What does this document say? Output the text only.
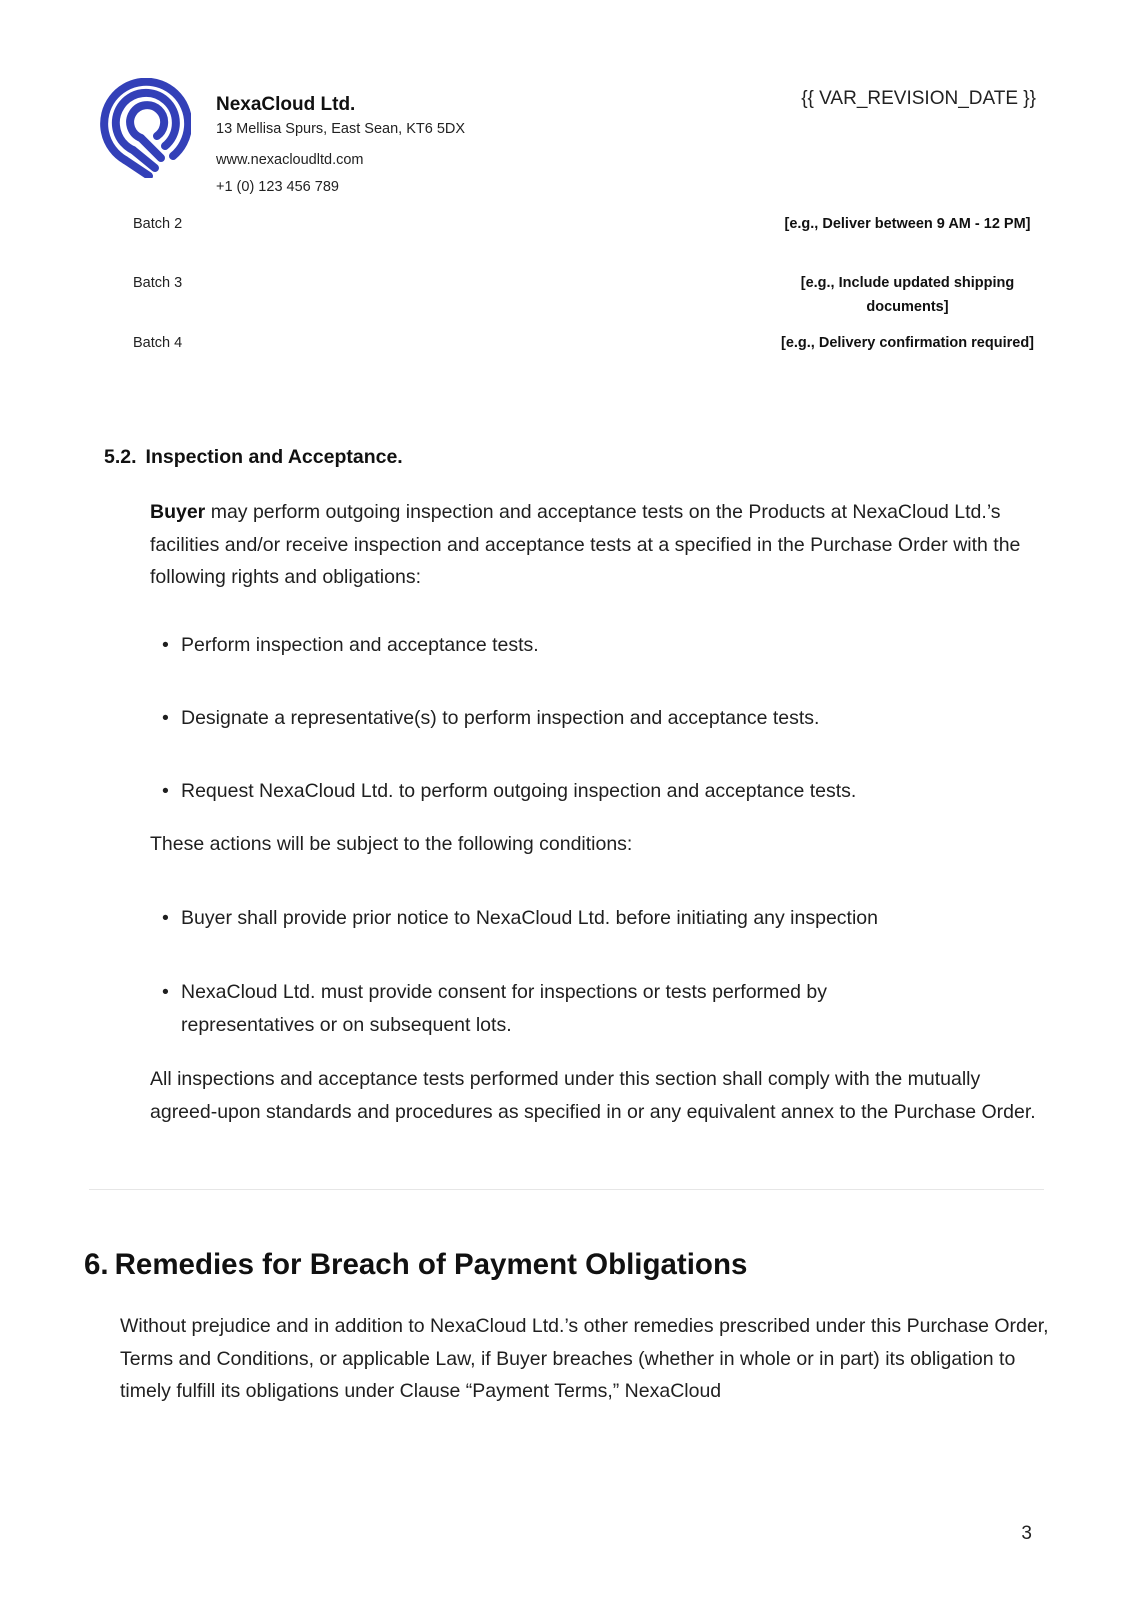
NexaCloud Ltd.
13 Mellisa Spurs, East Sean, KT6 5DX
www.nexacloudltd.com
+1 (0) 123 456 789
{{ VAR_REVISION_DATE }}
Batch 2	[e.g., Deliver between 9 AM - 12 PM]
Batch 3	[e.g., Include updated shipping documents]
Batch 4	[e.g., Delivery confirmation required]
5.2. Inspection and Acceptance.
Buyer may perform outgoing inspection and acceptance tests on the Products at NexaCloud Ltd.’s facilities and/or receive inspection and acceptance tests at a specified in the Purchase Order with the following rights and obligations:
• Perform inspection and acceptance tests.
• Designate a representative(s) to perform inspection and acceptance tests.
• Request NexaCloud Ltd. to perform outgoing inspection and acceptance tests.
These actions will be subject to the following conditions:
• Buyer shall provide prior notice to NexaCloud Ltd. before initiating any inspection
• NexaCloud Ltd. must provide consent for inspections or tests performed by representatives or on subsequent lots.
All inspections and acceptance tests performed under this section shall comply with the mutually agreed-upon standards and procedures as specified in or any equivalent annex to the Purchase Order.
6. Remedies for Breach of Payment Obligations
Without prejudice and in addition to NexaCloud Ltd.’s other remedies prescribed under this Purchase Order, Terms and Conditions, or applicable Law, if Buyer breaches (whether in whole or in part) its obligation to timely fulfill its obligations under Clause “Payment Terms,” NexaCloud
3
